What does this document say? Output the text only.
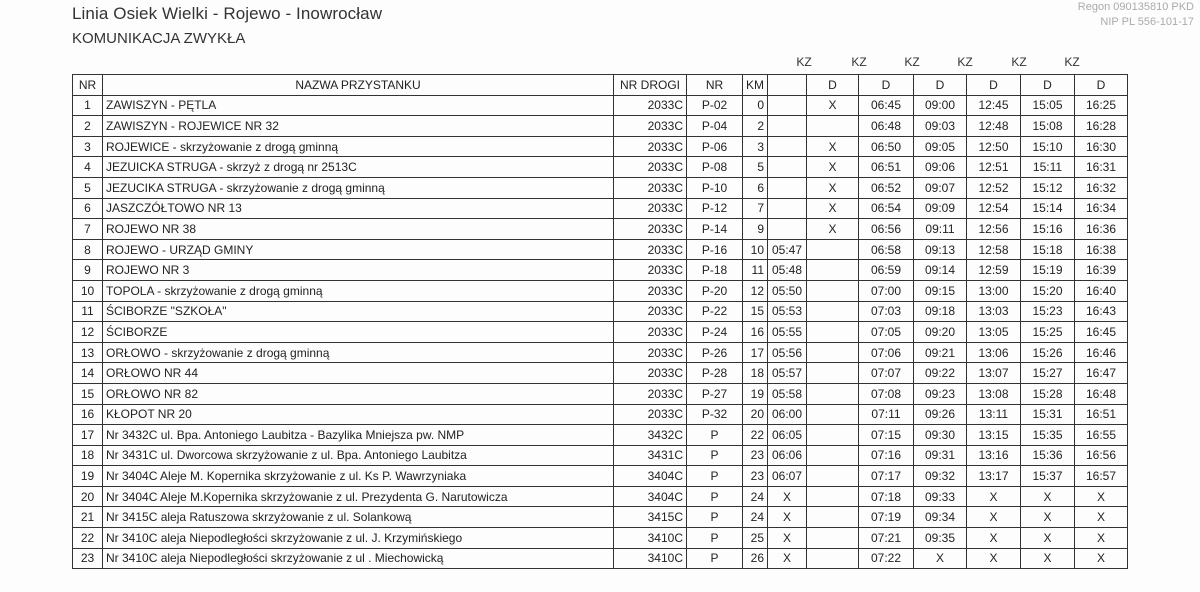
Linia Osiek Wielki - Rojewo - Inowrocław
KOMUNIKACJA ZWYKŁA
Regon 090135810 PKD
NIP PL 556-101-17
KZ	KZ	KZ	KZ	KZ	KZ
NR	NAZWA PRZYSTANKU	NR DROGI	NR	KM		D	D	D	D	D	D
1	ZAWISZYN - PĘTLA	2033C	P-02	0		X	06:45	09:00	12:45	15:05	16:25
2	ZAWISZYN - ROJEWICE NR 32	2033C	P-04	2			06:48	09:03	12:48	15:08	16:28
3	ROJEWICE - skrzyżowanie z drogą gminną	2033C	P-06	3		X	06:50	09:05	12:50	15:10	16:30
4	JEZUICKA STRUGA - skrzyż z drogą nr 2513C	2033C	P-08	5		X	06:51	09:06	12:51	15:11	16:31
5	JEZUCIKA STRUGA - skrzyżowanie z drogą gminną	2033C	P-10	6		X	06:52	09:07	12:52	15:12	16:32
6	JASZCZÓŁTOWO NR 13	2033C	P-12	7		X	06:54	09:09	12:54	15:14	16:34
7	ROJEWO NR 38	2033C	P-14	9		X	06:56	09:11	12:56	15:16	16:36
8	ROJEWO - URZĄD GMINY	2033C	P-16	10	05:47		06:58	09:13	12:58	15:18	16:38
9	ROJEWO NR 3	2033C	P-18	11	05:48		06:59	09:14	12:59	15:19	16:39
10	TOPOLA - skrzyżowanie z drogą gminną	2033C	P-20	12	05:50		07:00	09:15	13:00	15:20	16:40
11	ŚCIBORZE "SZKOŁA"	2033C	P-22	15	05:53		07:03	09:18	13:03	15:23	16:43
12	ŚCIBORZE	2033C	P-24	16	05:55		07:05	09:20	13:05	15:25	16:45
13	ORŁOWO - skrzyżowanie z drogą gminną	2033C	P-26	17	05:56		07:06	09:21	13:06	15:26	16:46
14	ORŁOWO NR 44	2033C	P-28	18	05:57		07:07	09:22	13:07	15:27	16:47
15	ORŁOWO NR 82	2033C	P-27	19	05:58		07:08	09:23	13:08	15:28	16:48
16	KŁOPOT NR 20	2033C	P-32	20	06:00		07:11	09:26	13:11	15:31	16:51
17	Nr 3432C ul. Bpa. Antoniego Laubitza - Bazylika Mniejsza pw. NMP	3432C	P	22	06:05		07:15	09:30	13:15	15:35	16:55
18	Nr 3431C ul. Dworcowa skrzyżowanie z ul. Bpa. Antoniego Laubitza	3431C	P	23	06:06		07:16	09:31	13:16	15:36	16:56
19	Nr 3404C Aleje M. Kopernika skrzyżowanie z ul. Ks P. Wawrzyniaka	3404C	P	23	06:07		07:17	09:32	13:17	15:37	16:57
20	Nr 3404C Aleje M.Kopernika skrzyżowanie z ul. Prezydenta G. Narutowicza	3404C	P	24	X		07:18	09:33	X	X	X
21	Nr 3415C aleja Ratuszowa skrzyżowanie z ul. Solankową	3415C	P	24	X		07:19	09:34	X	X	X
22	Nr 3410C aleja Niepodległości skrzyżowanie z ul. J. Krzymińskiego	3410C	P	25	X		07:21	09:35	X	X	X
23	Nr 3410C aleja Niepodległości skrzyżowanie z ul . Miechowicką	3410C	P	26	X		07:22	X	X	X	X
